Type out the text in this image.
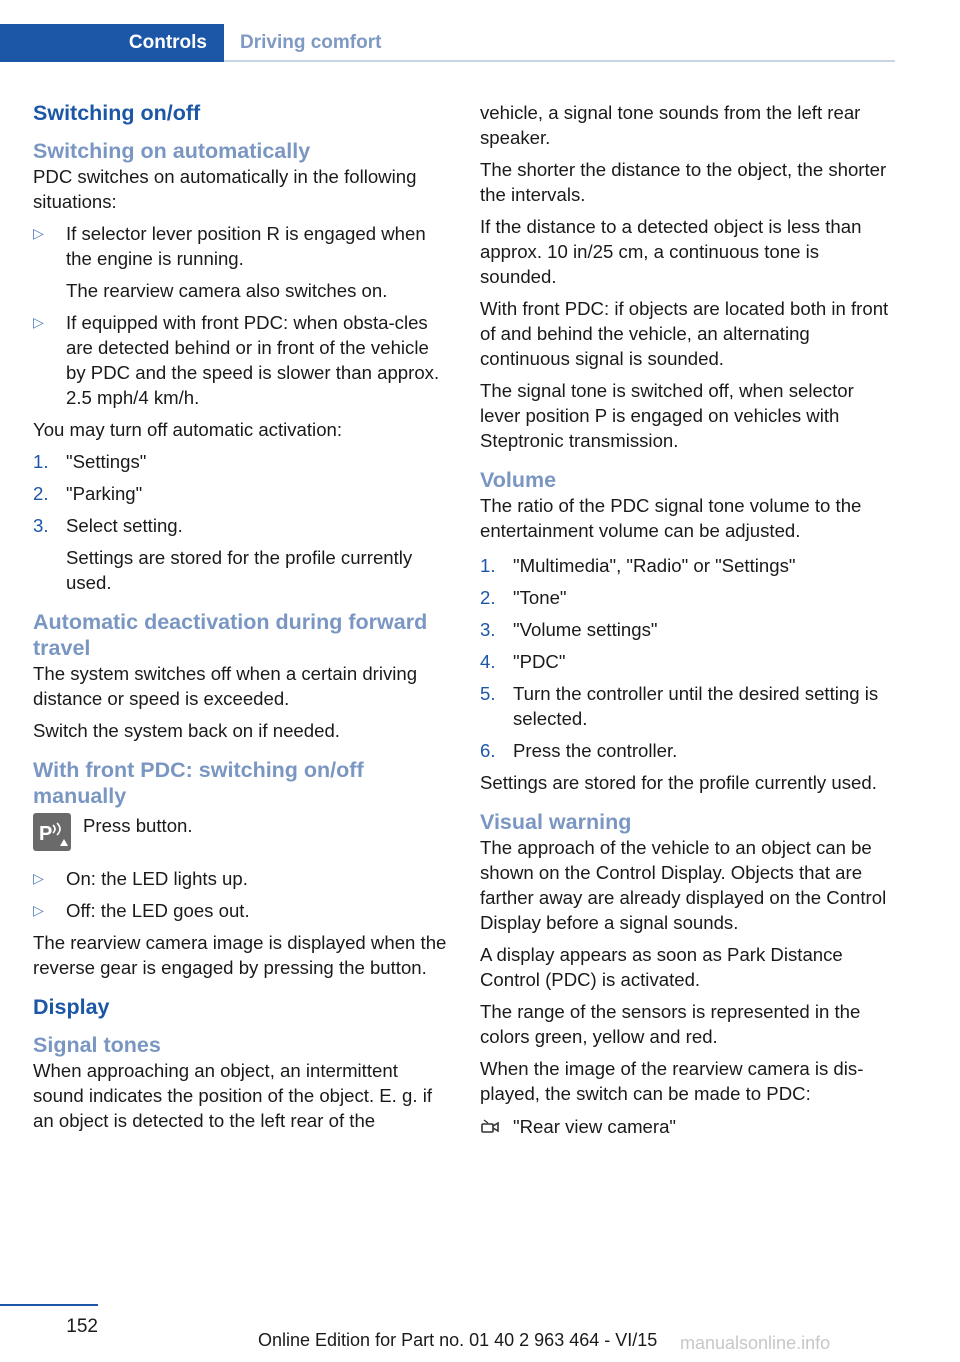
Controls	Driving comfort
Switching on/off
Switching on automatically

PDC switches on automatically in the following situations:

▷ If selector lever position R is engaged when the engine is running.
The rearview camera also switches on.
▷ If equipped with front PDC: when obsta‐cles are detected behind or in front of the vehicle by PDC and the speed is slower than approx. 2.5 mph/4 km/h.

You may turn off automatic activation:

1. "Settings"
2. "Parking"
3. Select setting.
Settings are stored for the profile currently used.
Automatic deactivation during forward travel

The system switches off when a certain driving distance or speed is exceeded.

Switch the system back on if needed.

With front PDC: switching on/off manually
P Press button.
▷ On: the LED lights up.
▷ Off: the LED goes out.

The rearview camera image is displayed when the reverse gear is engaged by pressing the button.

Display
Signal tones

When approaching an object, an intermittent sound indicates the position of the object. E. g. if an object is detected to the left rear of the

vehicle, a signal tone sounds from the left rear speaker.

The shorter the distance to the object, the shorter the intervals.

If the distance to a detected object is less than approx. 10 in/25 cm, a continuous tone is sounded.

With front PDC: if objects are located both in front of and behind the vehicle, an alternating continuous signal is sounded.

The signal tone is switched off, when selector lever position P is engaged on vehicles with Steptronic transmission.

Volume

The ratio of the PDC signal tone volume to the entertainment volume can be adjusted.

1. "Multimedia", "Radio" or "Settings"
2. "Tone"
3. "Volume settings"
4. "PDC"
5. Turn the controller until the desired setting is selected.
6. Press the controller.

Settings are stored for the profile currently used.

Visual warning

The approach of the vehicle to an object can be shown on the Control Display. Objects that are farther away are already displayed on the Control Display before a signal sounds.

A display appears as soon as Park Distance Control (PDC) is activated.

The range of the sensors is represented in the colors green, yellow and red.

When the image of the rearview camera is dis‐played, the switch can be made to PDC:

"Rear view camera"
152
Online Edition for Part no. 01 40 2 963 464 - VI/15 manualsonline.info
